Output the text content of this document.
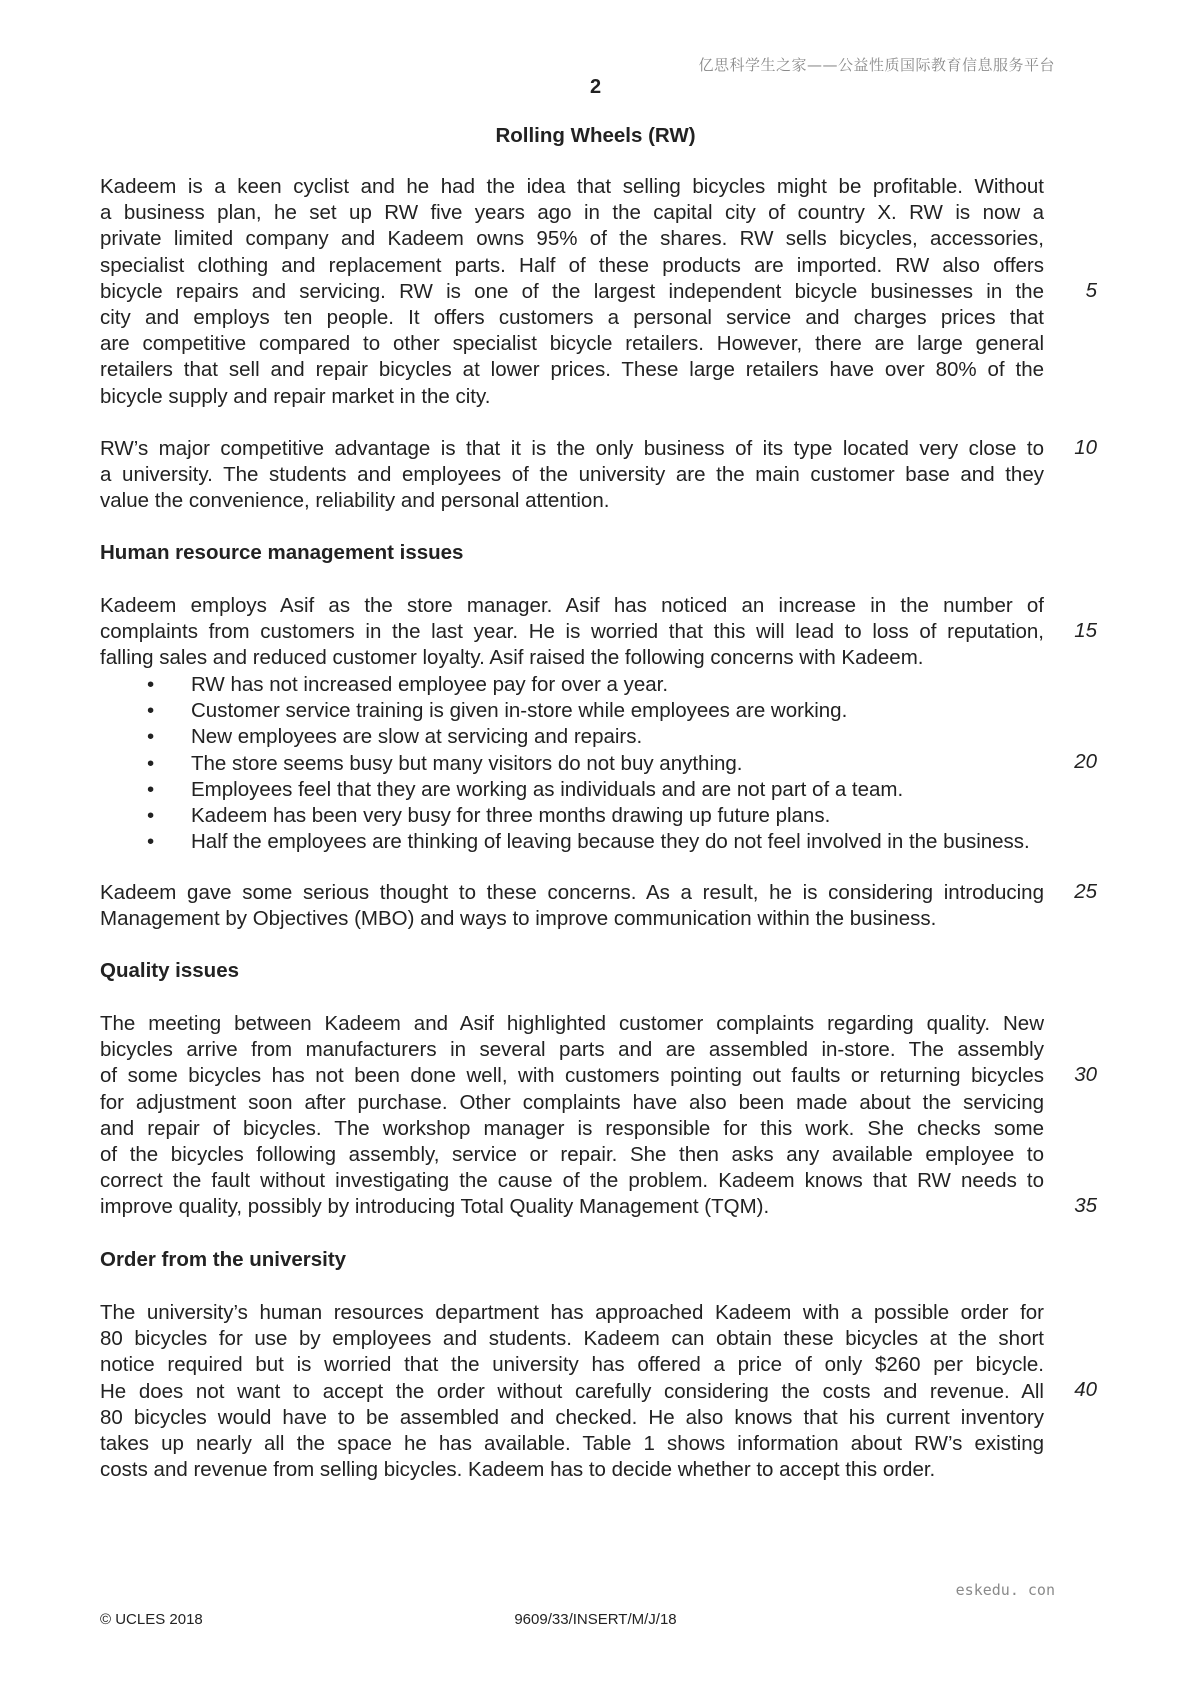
亿思科学生之家——公益性质国际教育信息服务平台
2
Rolling Wheels (RW)
Kadeem is a keen cyclist and he had the idea that selling bicycles might be profitable. Without
a business plan, he set up RW five years ago in the capital city of country X. RW is now a
private limited company and Kadeem owns 95% of the shares. RW sells bicycles, accessories,
specialist clothing and replacement parts. Half of these products are imported. RW also offers
bicycle repairs and servicing. RW is one of the largest independent bicycle businesses in the
city and employs ten people. It offers customers a personal service and charges prices that
are competitive compared to other specialist bicycle retailers. However, there are large general
retailers that sell and repair bicycles at lower prices. These large retailers have over 80% of the
bicycle supply and repair market in the city.
RW’s major competitive advantage is that it is the only business of its type located very close to
a university. The students and employees of the university are the main customer base and they
value the convenience, reliability and personal attention.
Human resource management issues
Kadeem employs Asif as the store manager. Asif has noticed an increase in the number of
complaints from customers in the last year. He is worried that this will lead to loss of reputation,
falling sales and reduced customer loyalty. Asif raised the following concerns with Kadeem.
• RW has not increased employee pay for over a year.
• Customer service training is given in-store while employees are working.
• New employees are slow at servicing and repairs.
• The store seems busy but many visitors do not buy anything.
• Employees feel that they are working as individuals and are not part of a team.
• Kadeem has been very busy for three months drawing up future plans.
• Half the employees are thinking of leaving because they do not feel involved in the business.
Kadeem gave some serious thought to these concerns. As a result, he is considering introducing
Management by Objectives (MBO) and ways to improve communication within the business.
Quality issues
The meeting between Kadeem and Asif highlighted customer complaints regarding quality. New
bicycles arrive from manufacturers in several parts and are assembled in-store. The assembly
of some bicycles has not been done well, with customers pointing out faults or returning bicycles
for adjustment soon after purchase. Other complaints have also been made about the servicing
and repair of bicycles. The workshop manager is responsible for this work. She checks some
of the bicycles following assembly, service or repair. She then asks any available employee to
correct the fault without investigating the cause of the problem. Kadeem knows that RW needs to
improve quality, possibly by introducing Total Quality Management (TQM).
Order from the university
The university’s human resources department has approached Kadeem with a possible order for
80 bicycles for use by employees and students. Kadeem can obtain these bicycles at the short
notice required but is worried that the university has offered a price of only $260 per bicycle.
He does not want to accept the order without carefully considering the costs and revenue. All
80 bicycles would have to be assembled and checked. He also knows that his current inventory
takes up nearly all the space he has available. Table 1 shows information about RW’s existing
costs and revenue from selling bicycles. Kadeem has to decide whether to accept this order.
5
10
15
20
25
30
35
40
eskedu. con
© UCLES 2018	9609/33/INSERT/M/J/18
